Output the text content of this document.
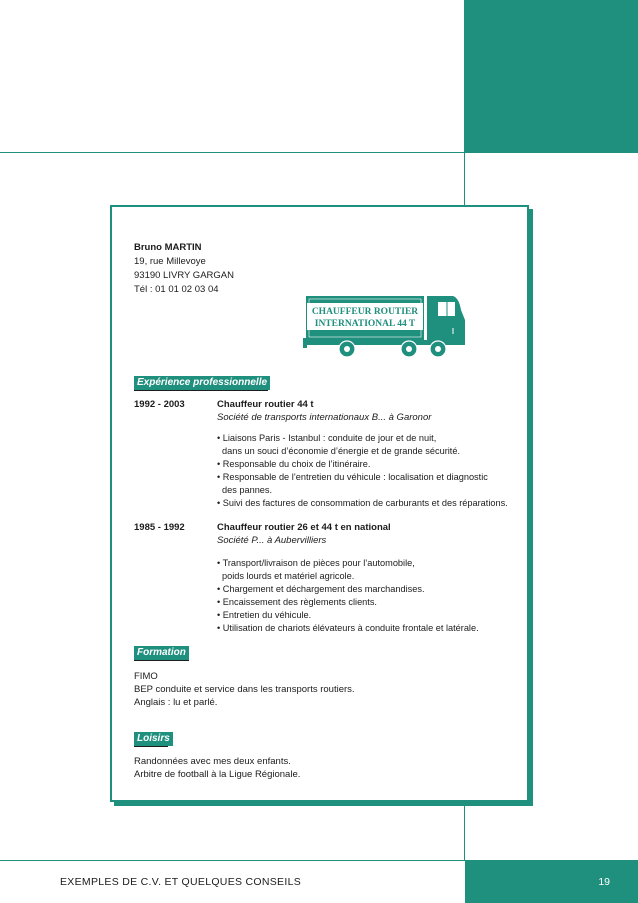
EXEMPLES DE C.V. ET QUELQUES CONSEILS	19
Bruno MARTIN
19, rue Millevoye
93190 LIVRY GARGAN
Tél : 01 01 02 03 04
CHAUFFEUR ROUTIER
INTERNATIONAL 44 T
Expérience professionnelle
1992 - 2003	Chauffeur routier 44 t
Société de transports internationaux B... à Garonor
• Liaisons Paris - Istanbul : conduite de jour et de nuit,
dans un souci d’économie d’énergie et de grande sécurité.
• Responsable du choix de l’itinéraire.
• Responsable de l’entretien du véhicule : localisation et diagnostic
des pannes.
• Suivi des factures de consommation de carburants et des réparations.
1985 - 1992	Chauffeur routier 26 et 44 t en national
Société P... à Aubervilliers
• Transport/livraison de pièces pour l’automobile,
poids lourds et matériel agricole.
• Chargement et déchargement des marchandises.
• Encaissement des règlements clients.
• Entretien du véhicule.
• Utilisation de chariots élévateurs à conduite frontale et latérale.
Formation
FIMO
BEP conduite et service dans les transports routiers.
Anglais : lu et parlé.
Loisirs
Randonnées avec mes deux enfants.
Arbitre de football à la Ligue Régionale.
